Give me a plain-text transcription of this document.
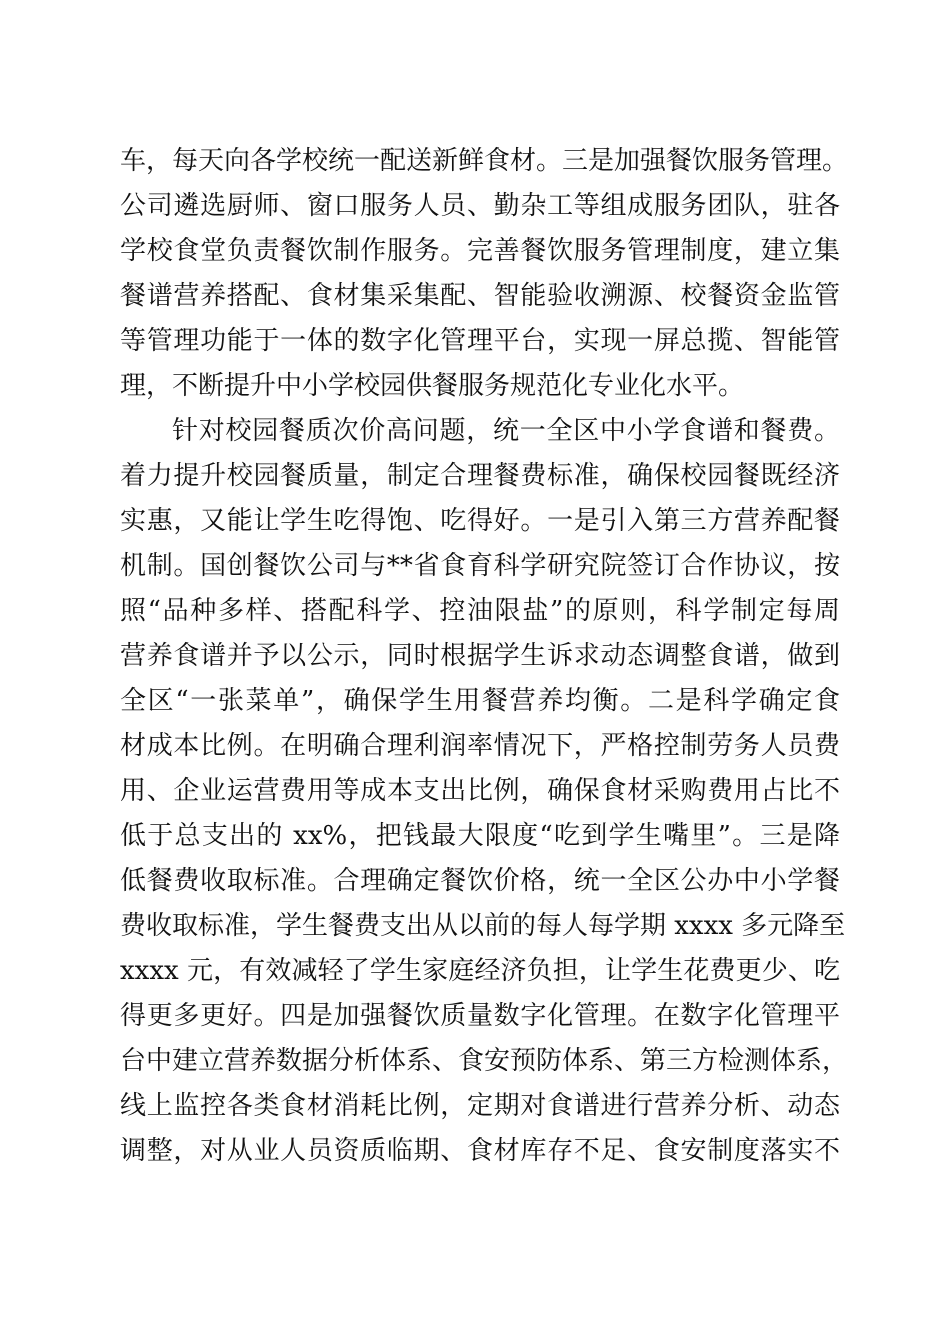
车，每天向各学校统一配送新鲜食材。三是加强餐饮服务管理。
公司遴选厨师、窗口服务人员、勤杂工等组成服务团队，驻各
学校食堂负责餐饮制作服务。完善餐饮服务管理制度，建立集
餐谱营养搭配、食材集采集配、智能验收溯源、校餐资金监管
等管理功能于一体的数字化管理平台，实现一屏总揽、智能管
理，不断提升中小学校园供餐服务规范化专业化水平。
针对校园餐质次价高问题，统一全区中小学食谱和餐费。
着力提升校园餐质量，制定合理餐费标准，确保校园餐既经济
实惠，又能让学生吃得饱、吃得好。一是引入第三方营养配餐
机制。国创餐饮公司与**省食育科学研究院签订合作协议，按
照“品种多样、搭配科学、控油限盐”的原则，科学制定每周
营养食谱并予以公示，同时根据学生诉求动态调整食谱，做到
全区“一张菜单”，确保学生用餐营养均衡。二是科学确定食
材成本比例。在明确合理利润率情况下，严格控制劳务人员费
用、企业运营费用等成本支出比例，确保食材采购费用占比不
低于总支出的 xx%，把钱最大限度“吃到学生嘴里”。三是降
低餐费收取标准。合理确定餐饮价格，统一全区公办中小学餐
费收取标准，学生餐费支出从以前的每人每学期 xxxx 多元降至
xxxx 元，有效减轻了学生家庭经济负担，让学生花费更少、吃
得更多更好。四是加强餐饮质量数字化管理。在数字化管理平
台中建立营养数据分析体系、食安预防体系、第三方检测体系，
线上监控各类食材消耗比例，定期对食谱进行营养分析、动态
调整，对从业人员资质临期、食材库存不足、食安制度落实不
